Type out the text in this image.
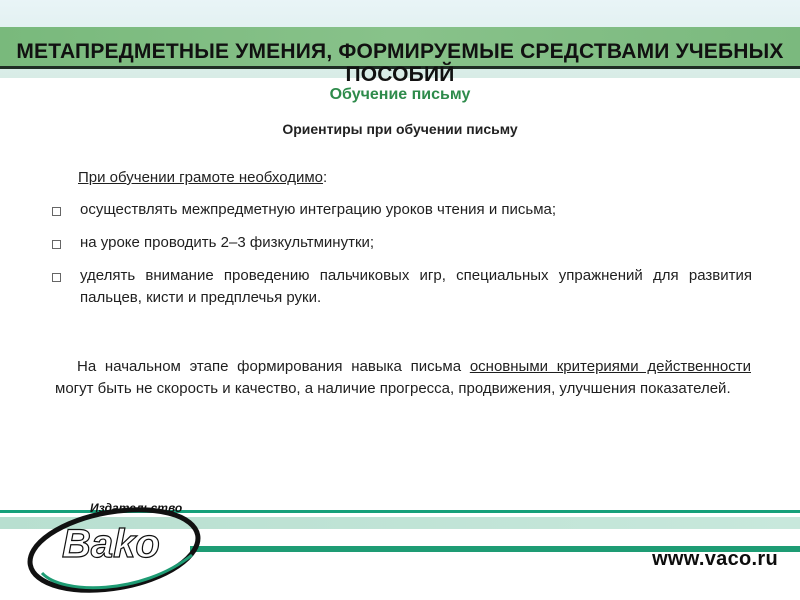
МЕТАПРЕДМЕТНЫЕ УМЕНИЯ, ФОРМИРУЕМЫЕ СРЕДСТВАМИ УЧЕБНЫХ ПОСОБИЙ
Обучение письму
Ориентиры при обучении письму
При обучении грамоте необходимо:
осуществлять межпредметную интеграцию уроков чтения и письма;
на уроке проводить 2–3 физкультминутки;
уделять внимание проведению пальчиковых игр, специальных упражнений для развития пальцев, кисти и предплечья руки.
На начальном этапе формирования навыка письма основными критериями действенности могут быть не скорость и качество, а наличие прогресса, продвижения, улучшения показателей.
Издательство
Bako	www.vaco.ru
